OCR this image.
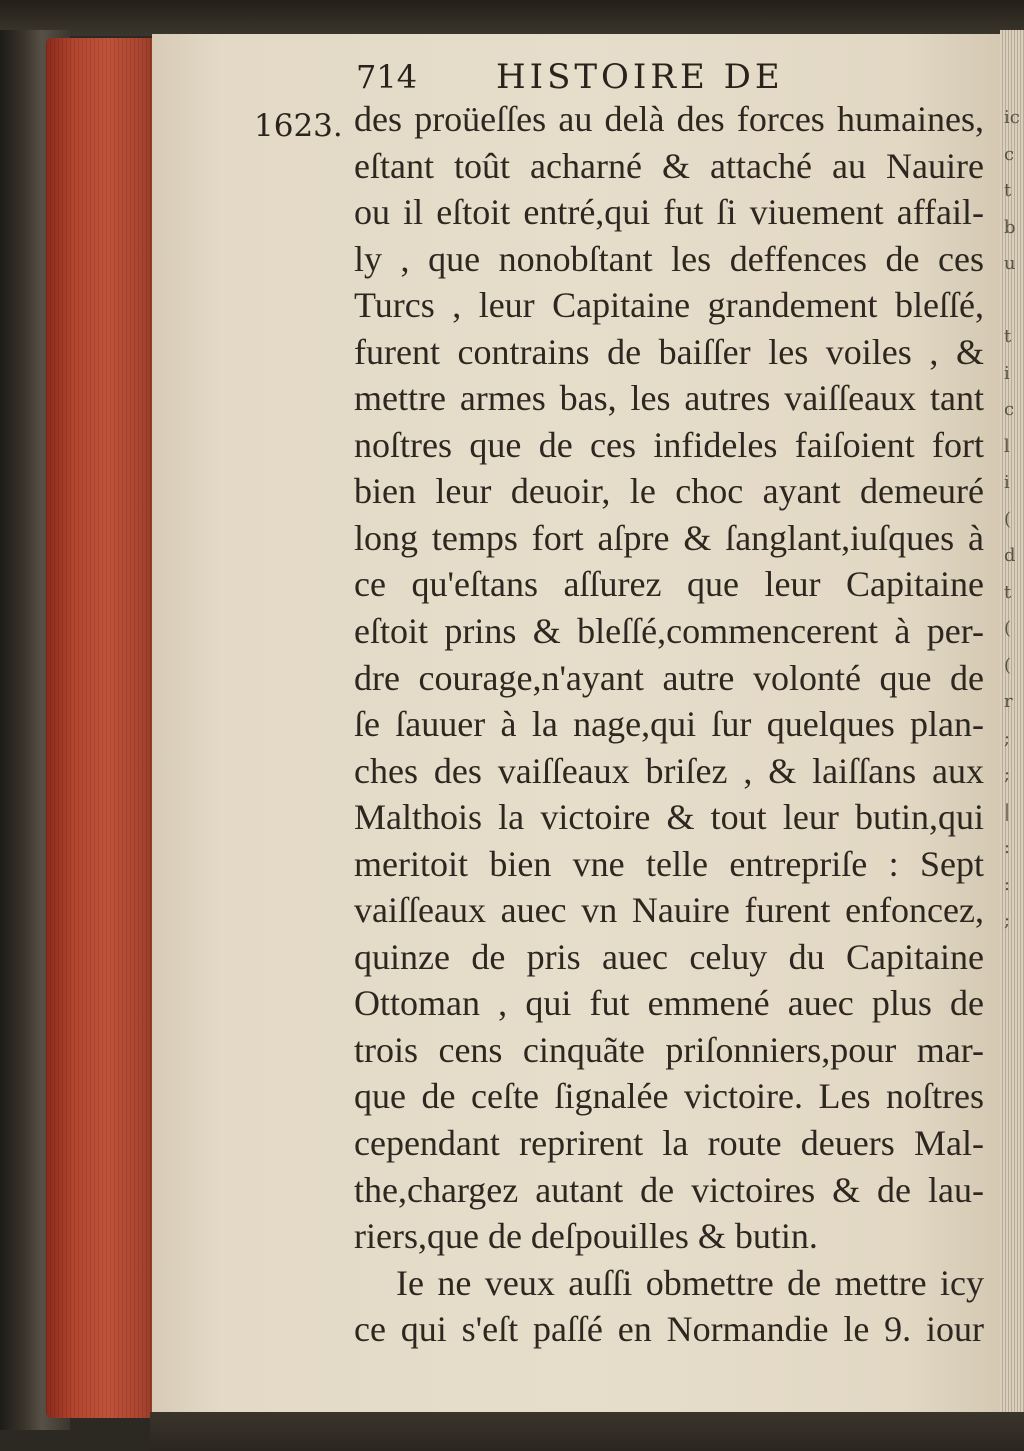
ic
c
t
b
u

t
i
c
l
i
(
d
t
(
(
r
;
;
|
:
:
;
1623.
714	HISTOIRE DE
des proüeſſes au delà des forces humaines,
eſtant toût acharné & attaché au Nauire
ou il eſtoit entré,qui fut ſi viuement affail-
ly , que nonobſtant les deffences de ces
Turcs , leur Capitaine grandement bleſſé,
furent contrains de baiſſer les voiles , &
mettre armes bas, les autres vaiſſeaux tant
noſtres que de ces infideles faiſoient fort
bien leur deuoir, le choc ayant demeuré
long temps fort aſpre & ſanglant,iuſques à
ce qu'eſtans aſſurez que leur Capitaine
eſtoit prins & bleſſé,commencerent à per-
dre courage,n'ayant autre volonté que de
ſe ſauuer à la nage,qui ſur quelques plan-
ches des vaiſſeaux briſez , & laiſſans aux
Malthois la victoire & tout leur butin,qui
meritoit bien vne telle entrepriſe : Sept
vaiſſeaux auec vn Nauire furent enfoncez,
quinze de pris auec celuy du Capitaine
Ottoman , qui fut emmené auec plus de
trois cens cinquãte priſonniers,pour mar-
que de ceſte ſignalée victoire. Les noſtres
cependant reprirent la route deuers Mal-
the,chargez autant de victoires & de lau-
riers,que de deſpouilles & butin.
Ie ne veux auſſi obmettre de mettre icy
ce qui s'eſt paſſé en Normandie le 9. iour
